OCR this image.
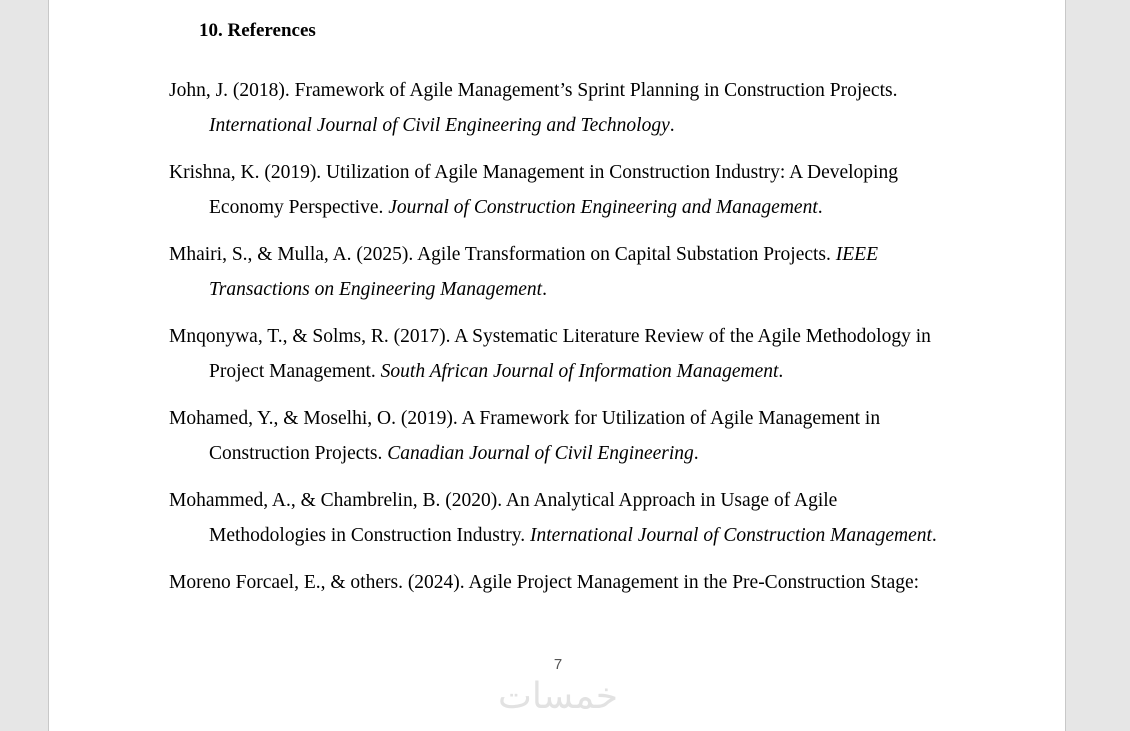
10. References
John, J. (2018). Framework of Agile Management’s Sprint Planning in Construction Projects. International Journal of Civil Engineering and Technology.
Krishna, K. (2019). Utilization of Agile Management in Construction Industry: A Developing Economy Perspective. Journal of Construction Engineering and Management.
Mhairi, S., & Mulla, A. (2025). Agile Transformation on Capital Substation Projects. IEEE Transactions on Engineering Management.
Mnqonywa, T., & Solms, R. (2017). A Systematic Literature Review of the Agile Methodology in Project Management. South African Journal of Information Management.
Mohamed, Y., & Moselhi, O. (2019). A Framework for Utilization of Agile Management in Construction Projects. Canadian Journal of Civil Engineering.
Mohammed, A., & Chambrelin, B. (2020). An Analytical Approach in Usage of Agile Methodologies in Construction Industry. International Journal of Construction Management.
Moreno Forcael, E., & others. (2024). Agile Project Management in the Pre-Construction Stage:
7
خمسات
